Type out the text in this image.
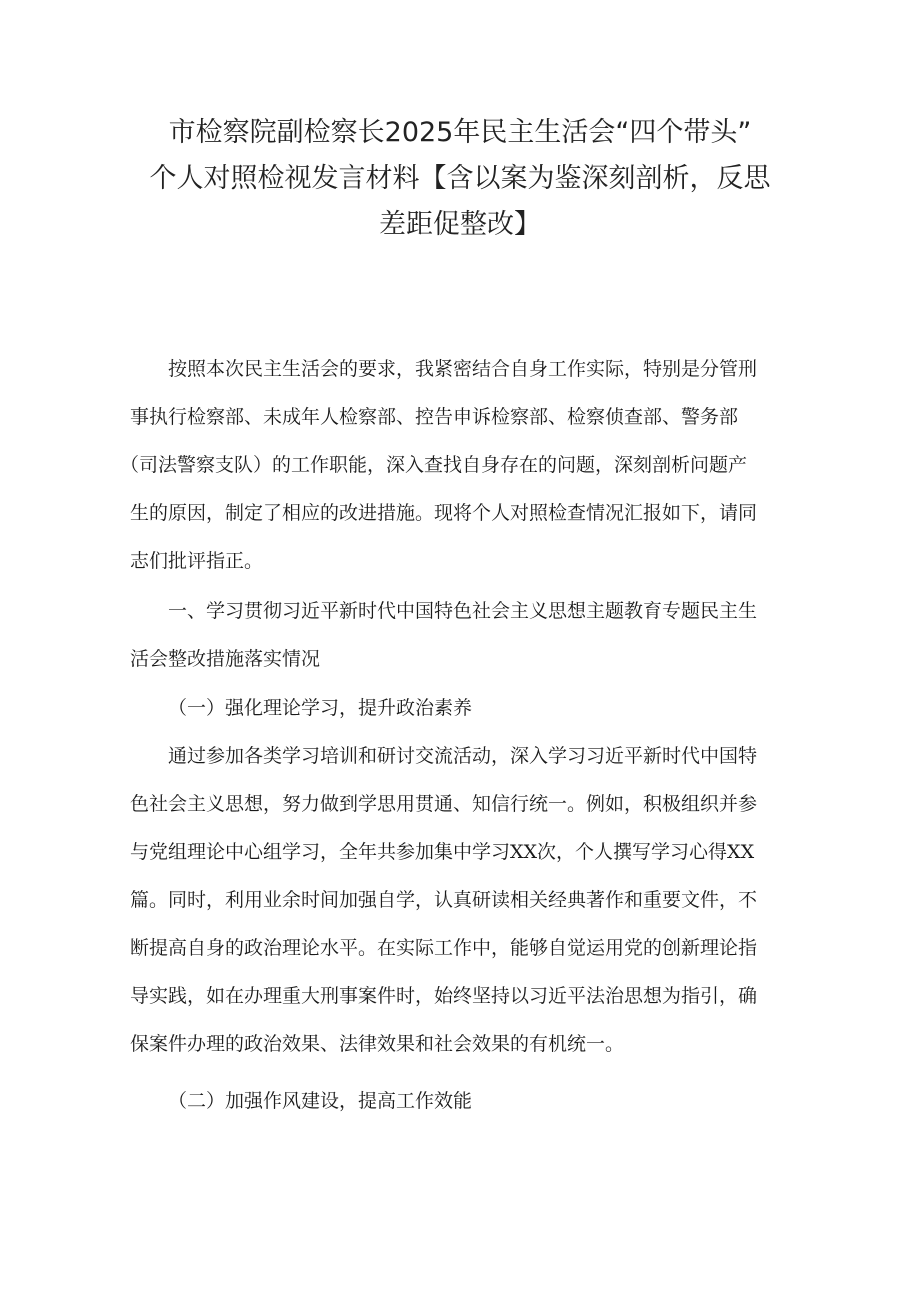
市检察院副检察长2025年民主生活会“四个带头”
个人对照检视发言材料【含以案为鉴深刻剖析，反思
差距促整改】
按照本次民主生活会的要求，我紧密结合自身工作实际，特别是分管刑
事执行检察部、未成年人检察部、控告申诉检察部、检察侦查部、警务部
（司法警察支队）的工作职能，深入查找自身存在的问题，深刻剖析问题产
生的原因，制定了相应的改进措施。现将个人对照检查情况汇报如下，请同
志们批评指正。
一、学习贯彻习近平新时代中国特色社会主义思想主题教育专题民主生
活会整改措施落实情况
（一）强化理论学习，提升政治素养
通过参加各类学习培训和研讨交流活动，深入学习习近平新时代中国特
色社会主义思想，努力做到学思用贯通、知信行统一。例如，积极组织并参
与党组理论中心组学习，全年共参加集中学习XX次，个人撰写学习心得XX
篇。同时，利用业余时间加强自学，认真研读相关经典著作和重要文件，不
断提高自身的政治理论水平。在实际工作中，能够自觉运用党的创新理论指
导实践，如在办理重大刑事案件时，始终坚持以习近平法治思想为指引，确
保案件办理的政治效果、法律效果和社会效果的有机统一。
（二）加强作风建设，提高工作效能
